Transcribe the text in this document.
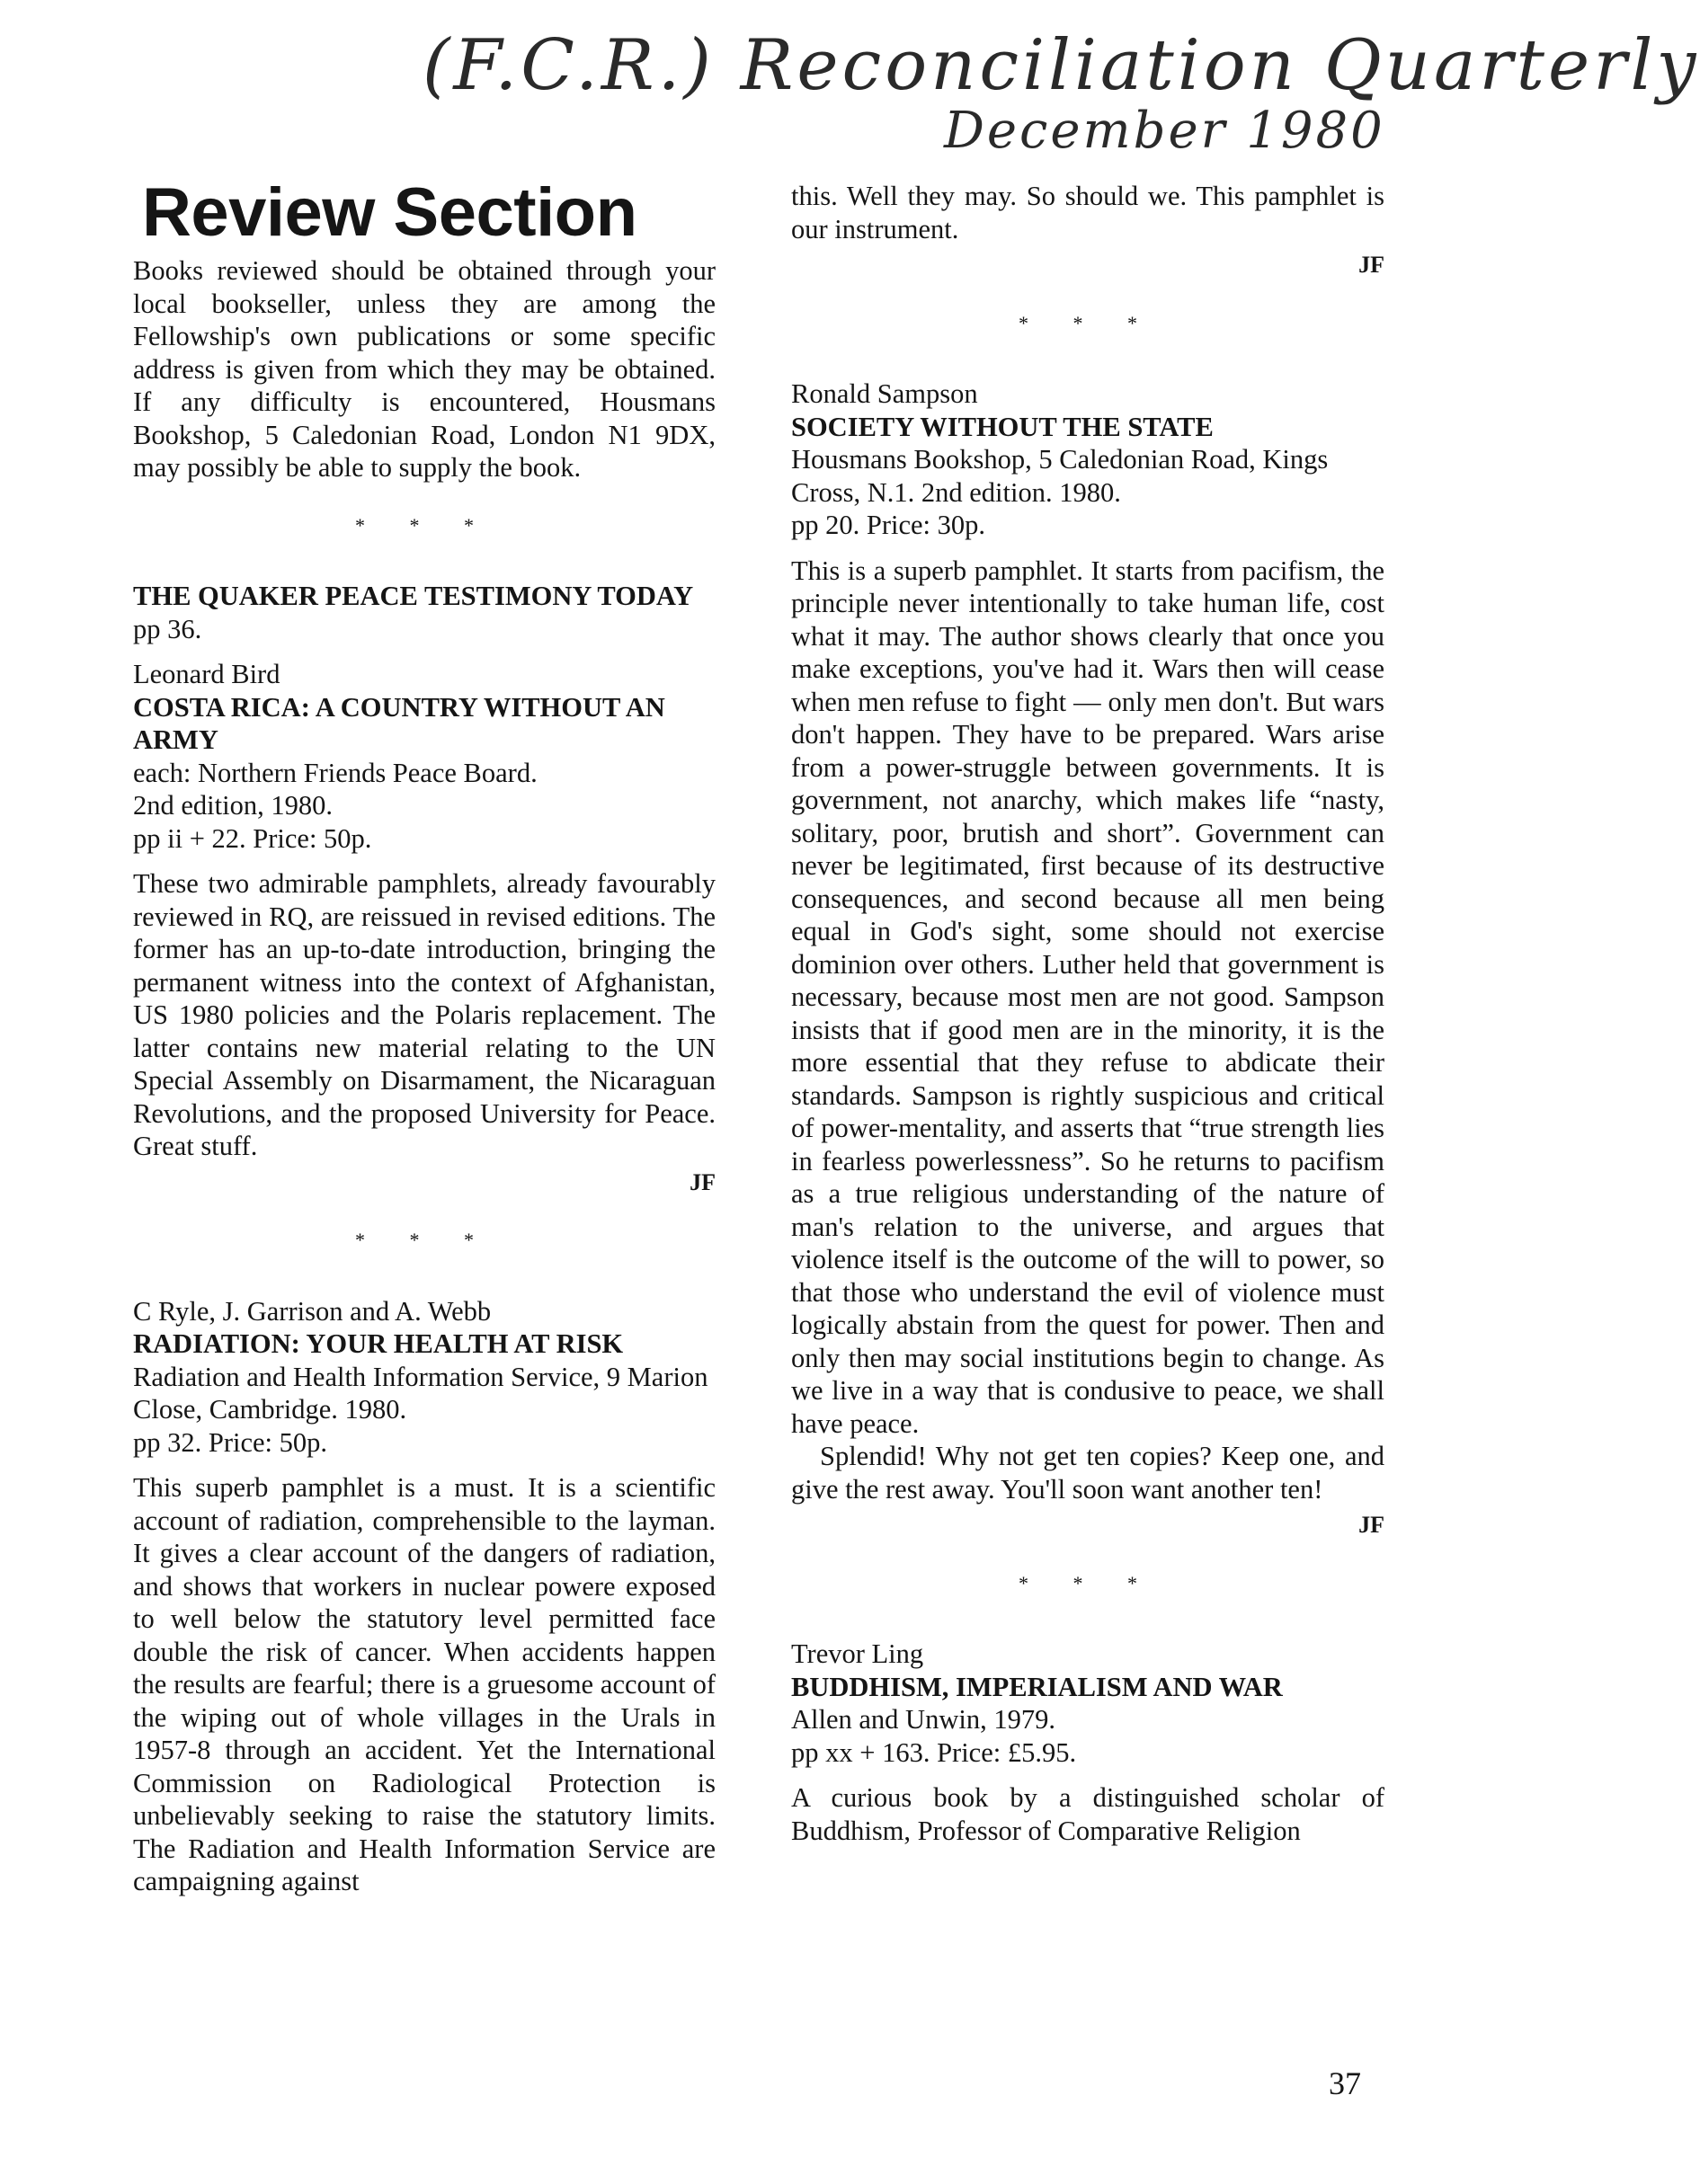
(F.C.R.) Reconciliation Quarterly
December 1980
Review Section

Books reviewed should be obtained through your local bookseller, unless they are among the Fellowship's own publications or some specific address is given from which they may be obtained. If any difficulty is encountered, Housmans Bookshop, 5 Caledonian Road, London N1 9DX, may possibly be able to supply the book.

* * *
THE QUAKER PEACE TESTIMONY TODAY
pp 36.
Leonard Bird
COSTA RICA: A COUNTRY WITHOUT AN ARMY
each: Northern Friends Peace Board.
2nd edition, 1980.
pp ii + 22. Price: 50p.

These two admirable pamphlets, already favourably reviewed in RQ, are reissued in revised editions. The former has an up-to-date introduction, bringing the permanent witness into the context of Afghanistan, US 1980 policies and the Polaris replacement. The latter contains new material relating to the UN Special Assembly on Disarmament, the Nicaraguan Revolutions, and the proposed University for Peace. Great stuff.

JF
* * *
C Ryle, J. Garrison and A. Webb
RADIATION: YOUR HEALTH AT RISK
Radiation and Health Information Service, 9 Marion Close, Cambridge. 1980.
pp 32. Price: 50p.

This superb pamphlet is a must. It is a scientific account of radiation, comprehensible to the layman. It gives a clear account of the dangers of radiation, and shows that workers in nuclear powere exposed to well below the statutory level permitted face double the risk of cancer. When accidents happen the results are fearful; there is a gruesome account of the wiping out of whole villages in the Urals in 1957-8 through an accident. Yet the International Commission on Radiological Protection is unbelievably seeking to raise the statutory limits. The Radiation and Health Information Service are campaigning against

this. Well they may. So should we. This pamphlet is our instrument.

JF
* * *
Ronald Sampson
SOCIETY WITHOUT THE STATE
Housmans Bookshop, 5 Caledonian Road, Kings Cross, N.1. 2nd edition. 1980.
pp 20. Price: 30p.

This is a superb pamphlet. It starts from pacifism, the principle never intentionally to take human life, cost what it may. The author shows clearly that once you make exceptions, you've had it. Wars then will cease when men refuse to fight — only men don't. But wars don't happen. They have to be prepared. Wars arise from a power-struggle between governments. It is government, not anarchy, which makes life “nasty, solitary, poor, brutish and short”. Government can never be legitimated, first because of its destructive consequences, and second because all men being equal in God's sight, some should not exercise dominion over others. Luther held that government is necessary, because most men are not good. Sampson insists that if good men are in the minority, it is the more essential that they refuse to abdicate their standards. Sampson is rightly suspicious and critical of power-mentality, and asserts that “true strength lies in fearless powerlessness”. So he returns to pacifism as a true religious understanding of the nature of man's relation to the universe, and argues that violence itself is the outcome of the will to power, so that those who understand the evil of violence must logically abstain from the quest for power. Then and only then may social institutions begin to change. As we live in a way that is condusive to peace, we shall have peace.

Splendid! Why not get ten copies? Keep one, and give the rest away. You'll soon want another ten!

JF
* * *
Trevor Ling
BUDDHISM, IMPERIALISM AND WAR
Allen and Unwin, 1979.
pp xx + 163. Price: £5.95.

A curious book by a distinguished scholar of Buddhism, Professor of Comparative Religion

37
